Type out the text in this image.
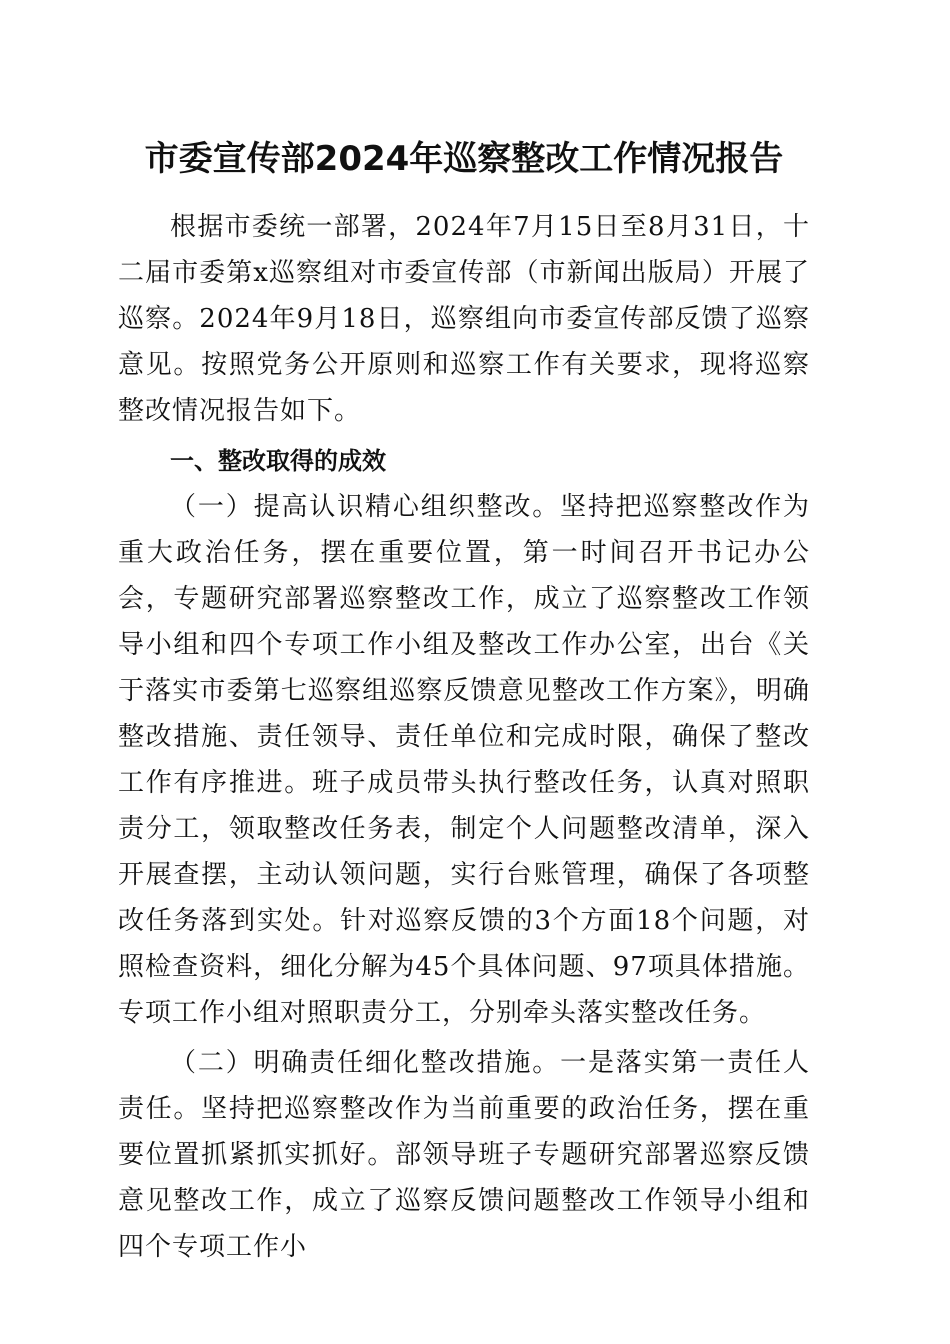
市委宣传部2024年巡察整改工作情况报告

根据市委统一部署，2024年7月15日至8月31日，十二届市委第x巡察组对市委宣传部（市新闻出版局）开展了巡察。2024年9月18日，巡察组向市委宣传部反馈了巡察意见。按照党务公开原则和巡察工作有关要求，现将巡察整改情况报告如下。

一、整改取得的成效

（一）提高认识精心组织整改。坚持把巡察整改作为重大政治任务，摆在重要位置，第一时间召开书记办公会，专题研究部署巡察整改工作，成立了巡察整改工作领导小组和四个专项工作小组及整改工作办公室，出台《关于落实市委第七巡察组巡察反馈意见整改工作方案》，明确整改措施、责任领导、责任单位和完成时限，确保了整改工作有序推进。班子成员带头执行整改任务，认真对照职责分工，领取整改任务表，制定个人问题整改清单，深入开展查摆，主动认领问题，实行台账管理，确保了各项整改任务落到实处。针对巡察反馈的3个方面18个问题，对照检查资料，细化分解为45个具体问题、97项具体措施。专项工作小组对照职责分工，分别牵头落实整改任务。

（二）明确责任细化整改措施。一是落实第一责任人责任。坚持把巡察整改作为当前重要的政治任务，摆在重要位置抓紧抓实抓好。部领导班子专题研究部署巡察反馈意见整改工作，成立了巡察反馈问题整改工作领导小组和四个专项工作小
